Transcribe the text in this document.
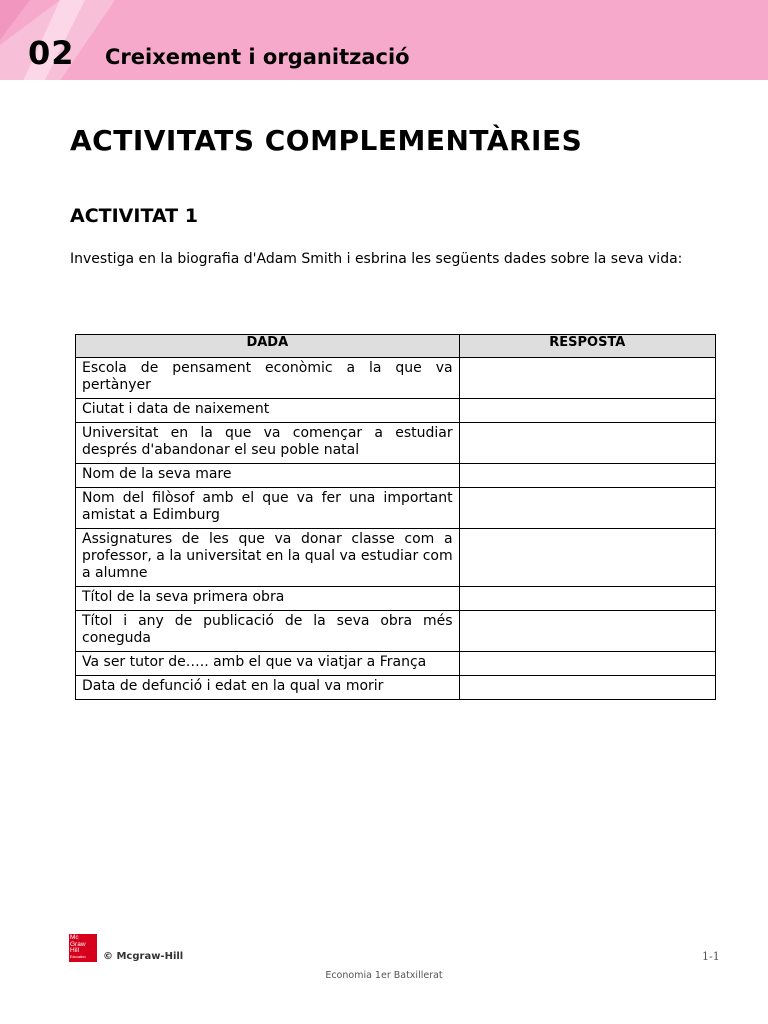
02 Creixement i organització
ACTIVITATS COMPLEMENTÀRIES
ACTIVITAT 1

Investiga en la biografia d'Adam Smith i esbrina les següents dades sobre la seva vida:

DADA	RESPOSTA
Escola de pensament econòmic a la que va pertànyer	
Ciutat i data de naixement	
Universitat en la que va començar a estudiar després d'abandonar el seu poble natal	
Nom de la seva mare	
Nom del filòsof amb el que va fer una important amistat a Edimburg	
Assignatures de les que va donar classe com a professor, a la universitat en la qual va estudiar com a alumne	
Títol de la seva primera obra	
Títol i any de publicació de la seva obra més coneguda	
Va ser tutor de….. amb el que va viatjar a França	
Data de defunció i edat en la qual va morir	
Mc
Graw
Hill
Education	© Mcgraw-Hill	1-1
Economia 1er Batxillerat
